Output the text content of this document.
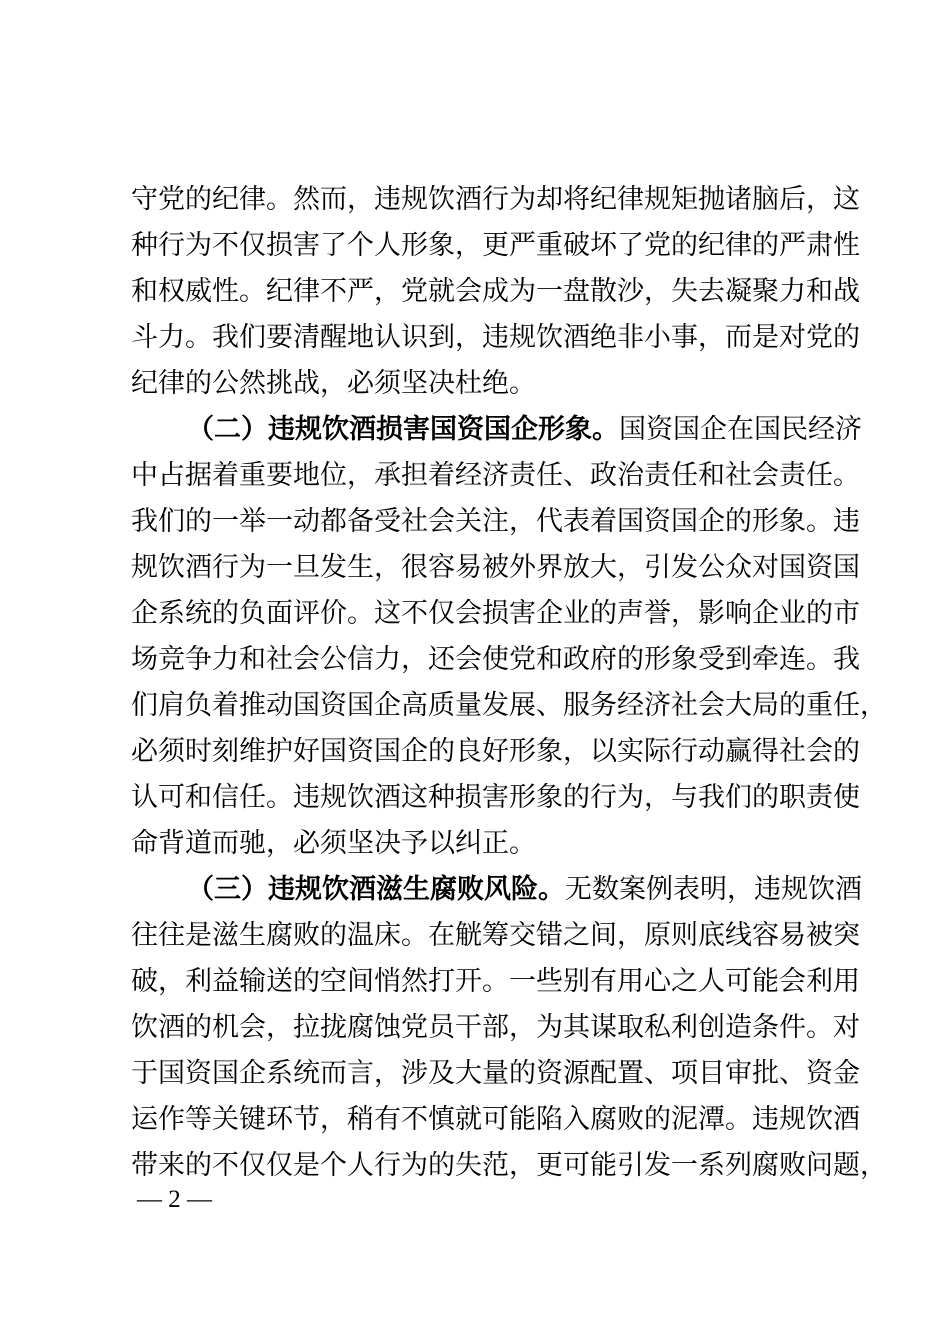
守党的纪律。然而，违规饮酒行为却将纪律规矩抛诸脑后，这
种行为不仅损害了个人形象，更严重破坏了党的纪律的严肃性
和权威性。纪律不严，党就会成为一盘散沙，失去凝聚力和战
斗力。我们要清醒地认识到，违规饮酒绝非小事，而是对党的
纪律的公然挑战，必须坚决杜绝。
（二）违规饮酒损害国资国企形象。国资国企在国民经济
中占据着重要地位，承担着经济责任、政治责任和社会责任。
我们的一举一动都备受社会关注，代表着国资国企的形象。违
规饮酒行为一旦发生，很容易被外界放大，引发公众对国资国
企系统的负面评价。这不仅会损害企业的声誉，影响企业的市
场竞争力和社会公信力，还会使党和政府的形象受到牵连。我
们肩负着推动国资国企高质量发展、服务经济社会大局的重任，
必须时刻维护好国资国企的良好形象，以实际行动赢得社会的
认可和信任。违规饮酒这种损害形象的行为，与我们的职责使
命背道而驰，必须坚决予以纠正。
（三）违规饮酒滋生腐败风险。无数案例表明，违规饮酒
往往是滋生腐败的温床。在觥筹交错之间，原则底线容易被突
破，利益输送的空间悄然打开。一些别有用心之人可能会利用
饮酒的机会，拉拢腐蚀党员干部，为其谋取私利创造条件。对
于国资国企系统而言，涉及大量的资源配置、项目审批、资金
运作等关键环节，稍有不慎就可能陷入腐败的泥潭。违规饮酒
带来的不仅仅是个人行为的失范，更可能引发一系列腐败问题，
— 2 —
